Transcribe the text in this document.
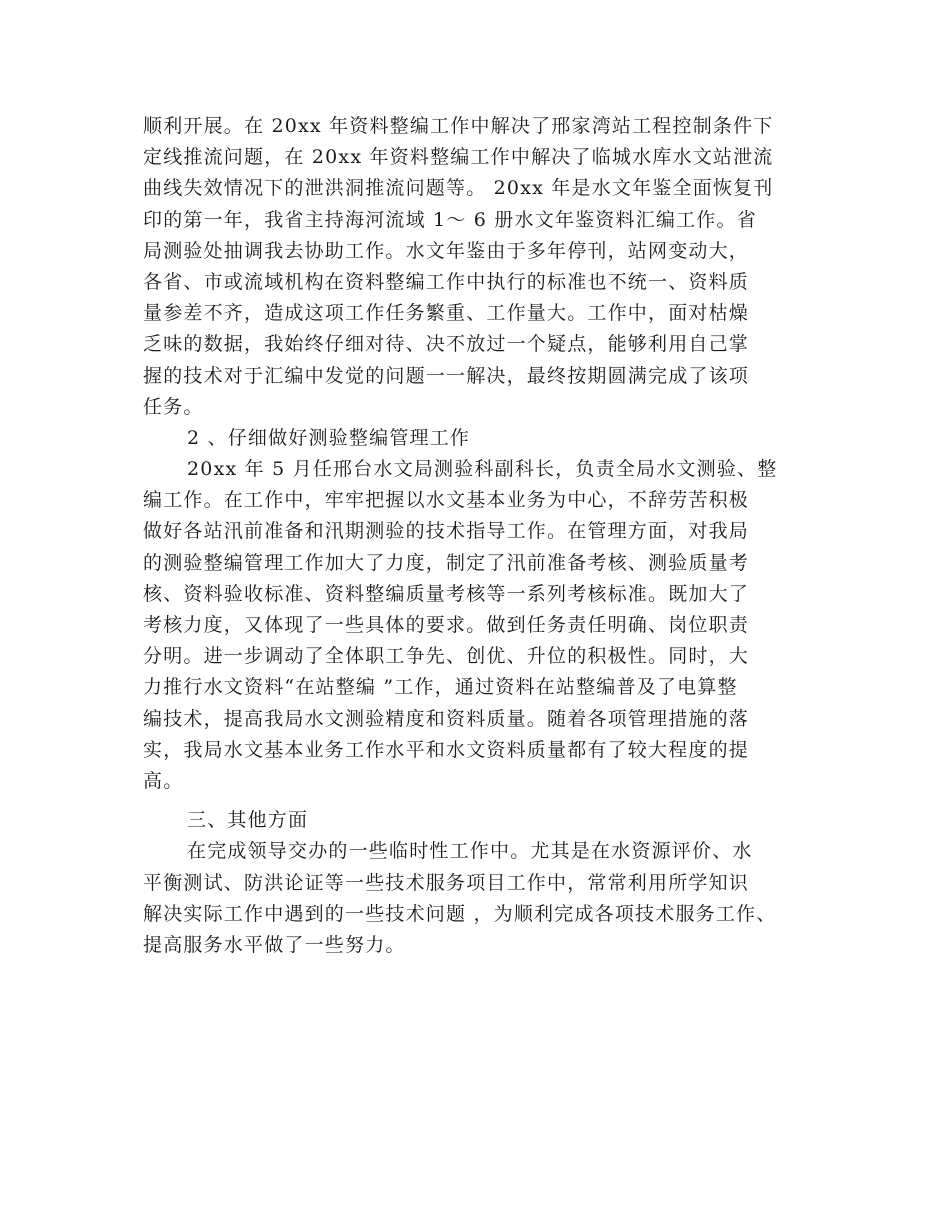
顺利开展。在 20xx 年资料整编工作中解决了邢家湾站工程控制条件下
定线推流问题，在 20xx 年资料整编工作中解决了临城水库水文站泄流
曲线失效情况下的泄洪洞推流问题等。 20xx 年是水文年鉴全面恢复刊
印的第一年，我省主持海河流域 1～ 6 册水文年鉴资料汇编工作。省
局测验处抽调我去协助工作。水文年鉴由于多年停刊，站网变动大，
各省、市或流域机构在资料整编工作中执行的标准也不统一、资料质
量参差不齐，造成这项工作任务繁重、工作量大。工作中，面对枯燥
乏味的数据，我始终仔细对待、决不放过一个疑点，能够利用自己掌
握的技术对于汇编中发觉的问题一一解决，最终按期圆满完成了该项
任务。
2 、仔细做好测验整编管理工作
20xx 年 5 月任邢台水文局测验科副科长，负责全局水文测验、整
编工作。在工作中，牢牢把握以水文基本业务为中心，不辞劳苦积极
做好各站汛前准备和汛期测验的技术指导工作。在管理方面，对我局
的测验整编管理工作加大了力度，制定了汛前准备考核、测验质量考
核、资料验收标准、资料整编质量考核等一系列考核标准。既加大了
考核力度，又体现了一些具体的要求。做到任务责任明确、岗位职责
分明。进一步调动了全体职工争先、创优、升位的积极性。同时，大
力推行水文资料“在站整编 ”工作，通过资料在站整编普及了电算整
编技术，提高我局水文测验精度和资料质量。随着各项管理措施的落
实，我局水文基本业务工作水平和水文资料质量都有了较大程度的提
高。
三、其他方面
在完成领导交办的一些临时性工作中。尤其是在水资源评价、水
平衡测试、防洪论证等一些技术服务项目工作中，常常利用所学知识
解决实际工作中遇到的一些技术问题 ，为顺利完成各项技术服务工作、
提高服务水平做了一些努力。
